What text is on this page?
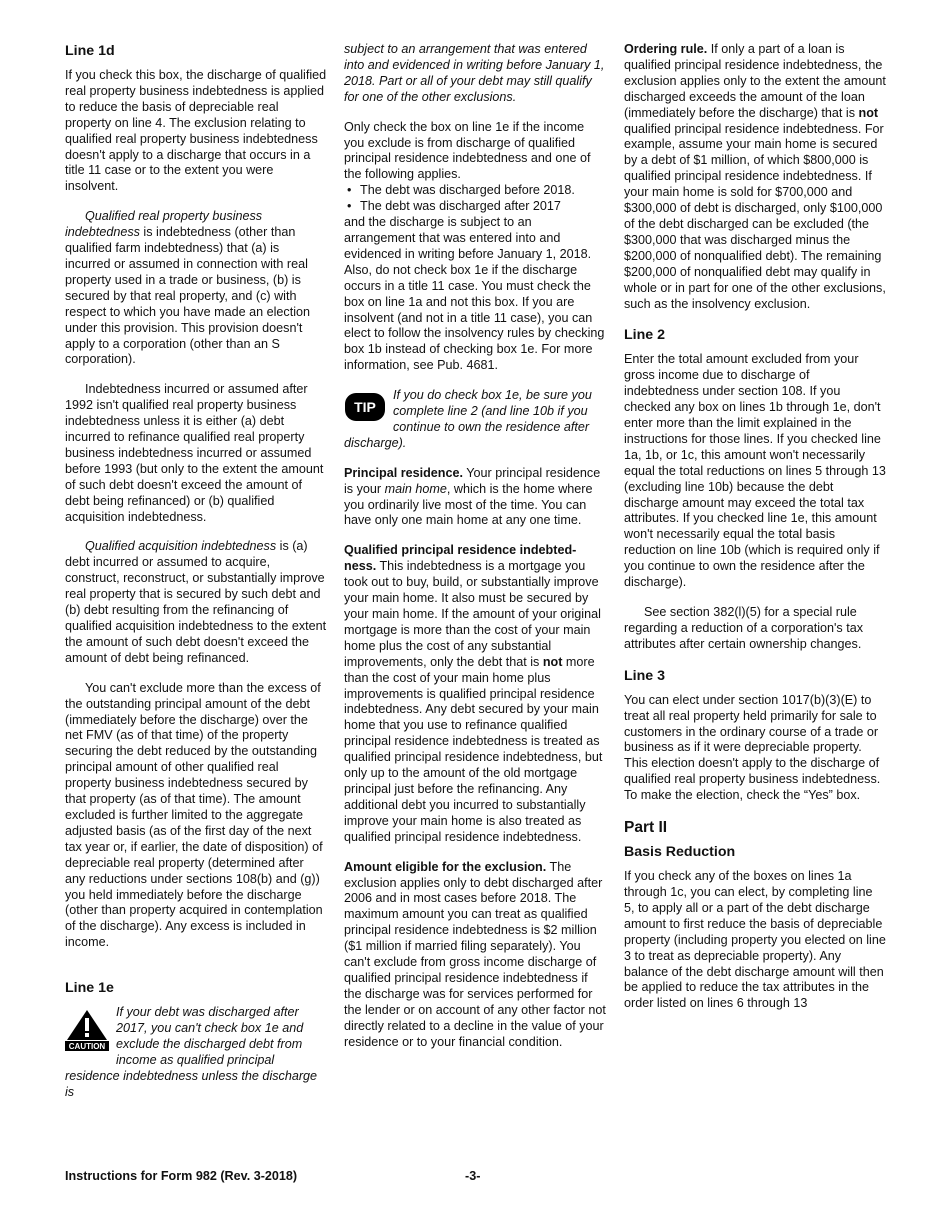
Line 1d

If you check this box, the discharge of qualified real property business indebtedness is applied to reduce the basis of depreciable real property on line 4. The exclusion relating to qualified real property business indebtedness doesn't apply to a discharge that occurs in a title 11 case or to the extent you were insolvent.

Qualified real property business indebtedness is indebtedness (other than qualified farm indebtedness) that (a) is incurred or assumed in connection with real property used in a trade or business, (b) is secured by that real property, and (c) with respect to which you have made an election under this provision. This provision doesn't apply to a corporation (other than an S corporation).

Indebtedness incurred or assumed after 1992 isn't qualified real property business indebtedness unless it is either (a) debt incurred to refinance qualified real property business indebtedness incurred or assumed before 1993 (but only to the extent the amount of such debt doesn't exceed the amount of debt being refinanced) or (b) qualified acquisition indebtedness.

Qualified acquisition indebtedness is (a) debt incurred or assumed to acquire, construct, reconstruct, or substantially improve real property that is secured by such debt and (b) debt resulting from the refinancing of qualified acquisition indebtedness to the extent the amount of such debt doesn't exceed the amount of debt being refinanced.

You can't exclude more than the excess of the outstanding principal amount of the debt (immediately before the discharge) over the net FMV (as of that time) of the property securing the debt reduced by the outstanding principal amount of other qualified real property business indebtedness secured by that property (as of that time). The amount excluded is further limited to the aggregate adjusted basis (as of the first day of the next tax year or, if earlier, the date of disposition) of depreciable real property (determined after any reductions under sections 108(b) and (g)) you held immediately before the discharge (other than property acquired in contemplation of the discharge). Any excess is included in income.

Line 1e
CAUTION
If your debt was discharged after 2017, you can't check box 1e and exclude the discharged debt from income as qualified principal residence indebtedness unless the discharge is

subject to an arrangement that was entered into and evidenced in writing before January 1, 2018. Part or all of your debt may still qualify for one of the other exclusions.

Only check the box on line 1e if the income you exclude is from discharge of qualified principal residence indebtedness and one of the following applies.
• The debt was discharged before 2018.
• The debt was discharged after 2017
and the discharge is subject to an arrangement that was entered into and evidenced in writing before January 1, 2018.

Also, do not check box 1e if the discharge occurs in a title 11 case. You must check the box on line 1a and not this box. If you are insolvent (and not in a title 11 case), you can elect to follow the insolvency rules by checking box 1b instead of checking box 1e. For more information, see Pub. 4681.

TIP
If you do check box 1e, be sure you complete line 2 (and line 10b if you continue to own the residence after discharge).

Principal residence. Your principal residence is your main home, which is the home where you ordinarily live most of the time. You can have only one main home at any one time.

Qualified principal residence indebted-ness. This indebtedness is a mortgage you took out to buy, build, or substantially improve your main home. It also must be secured by your main home. If the amount of your original mortgage is more than the cost of your main home plus the cost of any substantial improvements, only the debt that is not more than the cost of your main home plus improvements is qualified principal residence indebtedness. Any debt secured by your main home that you use to refinance qualified principal residence indebtedness is treated as qualified principal residence indebtedness, but only up to the amount of the old mortgage principal just before the refinancing. Any additional debt you incurred to substantially improve your main home is also treated as qualified principal residence indebtedness.

Amount eligible for the exclusion. The exclusion applies only to debt discharged after 2006 and in most cases before 2018. The maximum amount you can treat as qualified principal residence indebtedness is $2 million ($1 million if married filing separately). You can't exclude from gross income discharge of qualified principal residence indebtedness if the discharge was for services performed for the lender or on account of any other factor not directly related to a decline in the value of your residence or to your financial condition.

Ordering rule. If only a part of a loan is qualified principal residence indebtedness, the exclusion applies only to the extent the amount discharged exceeds the amount of the loan (immediately before the discharge) that is not qualified principal residence indebtedness. For example, assume your main home is secured by a debt of $1 million, of which $800,000 is qualified principal residence indebtedness. If your main home is sold for $700,000 and $300,000 of debt is discharged, only $100,000 of the debt discharged can be excluded (the $300,000 that was discharged minus the $200,000 of nonqualified debt). The remaining $200,000 of nonqualified debt may qualify in whole or in part for one of the other exclusions, such as the insolvency exclusion.

Line 2

Enter the total amount excluded from your gross income due to discharge of indebtedness under section 108. If you checked any box on lines 1b through 1e, don't enter more than the limit explained in the instructions for those lines. If you checked line 1a, 1b, or 1c, this amount won't necessarily equal the total reductions on lines 5 through 13 (excluding line 10b) because the debt discharge amount may exceed the total tax attributes. If you checked line 1e, this amount won't necessarily equal the total basis reduction on line 10b (which is required only if you continue to own the residence after the discharge).

See section 382(l)(5) for a special rule regarding a reduction of a corporation's tax attributes after certain ownership changes.

Line 3

You can elect under section 1017(b)(3)(E) to treat all real property held primarily for sale to customers in the ordinary course of a trade or business as if it were depreciable property. This election doesn't apply to the discharge of qualified real property business indebtedness. To make the election, check the “Yes” box.

Part II
Basis Reduction

If you check any of the boxes on lines 1a through 1c, you can elect, by completing line 5, to apply all or a part of the debt discharge amount to first reduce the basis of depreciable property (including property you elected on line 3 to treat as depreciable property). Any balance of the debt discharge amount will then be applied to reduce the tax attributes in the order listed on lines 6 through 13

Instructions for Form 982 (Rev. 3-2018)	-3-
